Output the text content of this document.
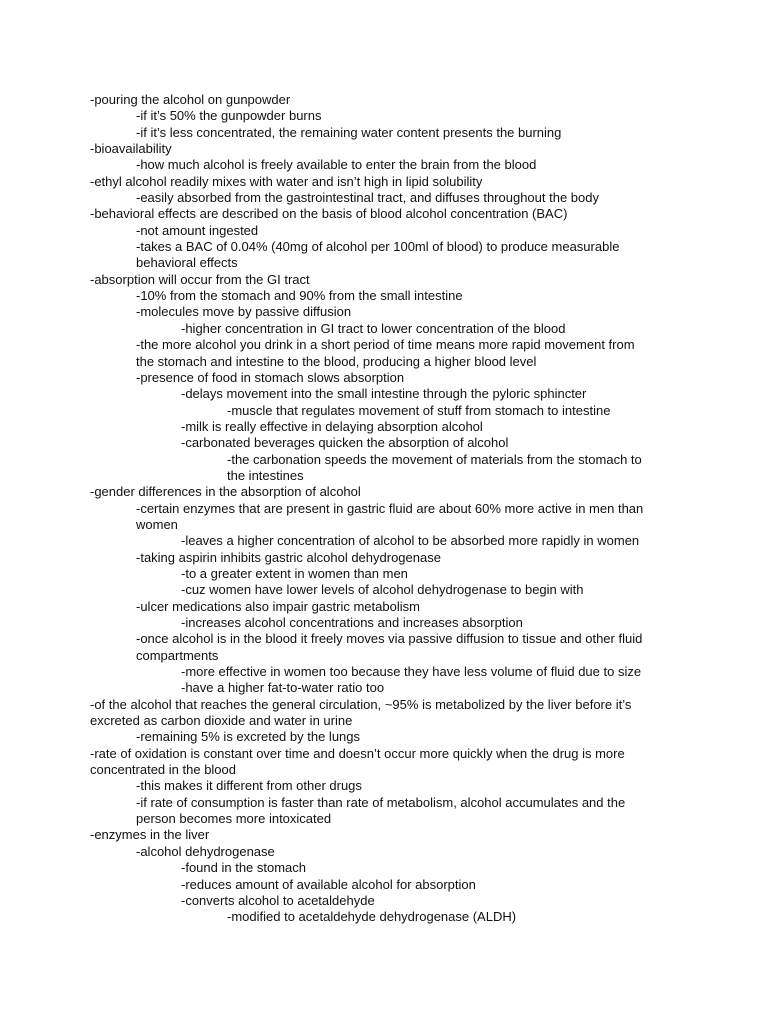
-pouring the alcohol on gunpowder
-if it’s 50% the gunpowder burns
-if it’s less concentrated, the remaining water content presents the burning
-bioavailability
-how much alcohol is freely available to enter the brain from the blood
-ethyl alcohol readily mixes with water and isn’t high in lipid solubility
-easily absorbed from the gastrointestinal tract, and diffuses throughout the body
-behavioral effects are described on the basis of blood alcohol concentration (BAC)
-not amount ingested
-takes a BAC of 0.04% (40mg of alcohol per 100ml of blood) to produce measurable
behavioral effects
-absorption will occur from the GI tract
-10% from the stomach and 90% from the small intestine
-molecules move by passive diffusion
-higher concentration in GI tract to lower concentration of the blood
-the more alcohol you drink in a short period of time means more rapid movement from
the stomach and intestine to the blood, producing a higher blood level
-presence of food in stomach slows absorption
-delays movement into the small intestine through the pyloric sphincter
-muscle that regulates movement of stuff from stomach to intestine
-milk is really effective in delaying absorption alcohol
-carbonated beverages quicken the absorption of alcohol
-the carbonation speeds the movement of materials from the stomach to
the intestines
-gender differences in the absorption of alcohol
-certain enzymes that are present in gastric fluid are about 60% more active in men than
women
-leaves a higher concentration of alcohol to be absorbed more rapidly in women
-taking aspirin inhibits gastric alcohol dehydrogenase
-to a greater extent in women than men
-cuz women have lower levels of alcohol dehydrogenase to begin with
-ulcer medications also impair gastric metabolism
-increases alcohol concentrations and increases absorption
-once alcohol is in the blood it freely moves via passive diffusion to tissue and other fluid
compartments
-more effective in women too because they have less volume of fluid due to size
-have a higher fat-to-water ratio too
-of the alcohol that reaches the general circulation, ~95% is metabolized by the liver before it’s
excreted as carbon dioxide and water in urine
-remaining 5% is excreted by the lungs
-rate of oxidation is constant over time and doesn’t occur more quickly when the drug is more
concentrated in the blood
-this makes it different from other drugs
-if rate of consumption is faster than rate of metabolism, alcohol accumulates and the
person becomes more intoxicated
-enzymes in the liver
-alcohol dehydrogenase
-found in the stomach
-reduces amount of available alcohol for absorption
-converts alcohol to acetaldehyde
-modified to acetaldehyde dehydrogenase (ALDH)
